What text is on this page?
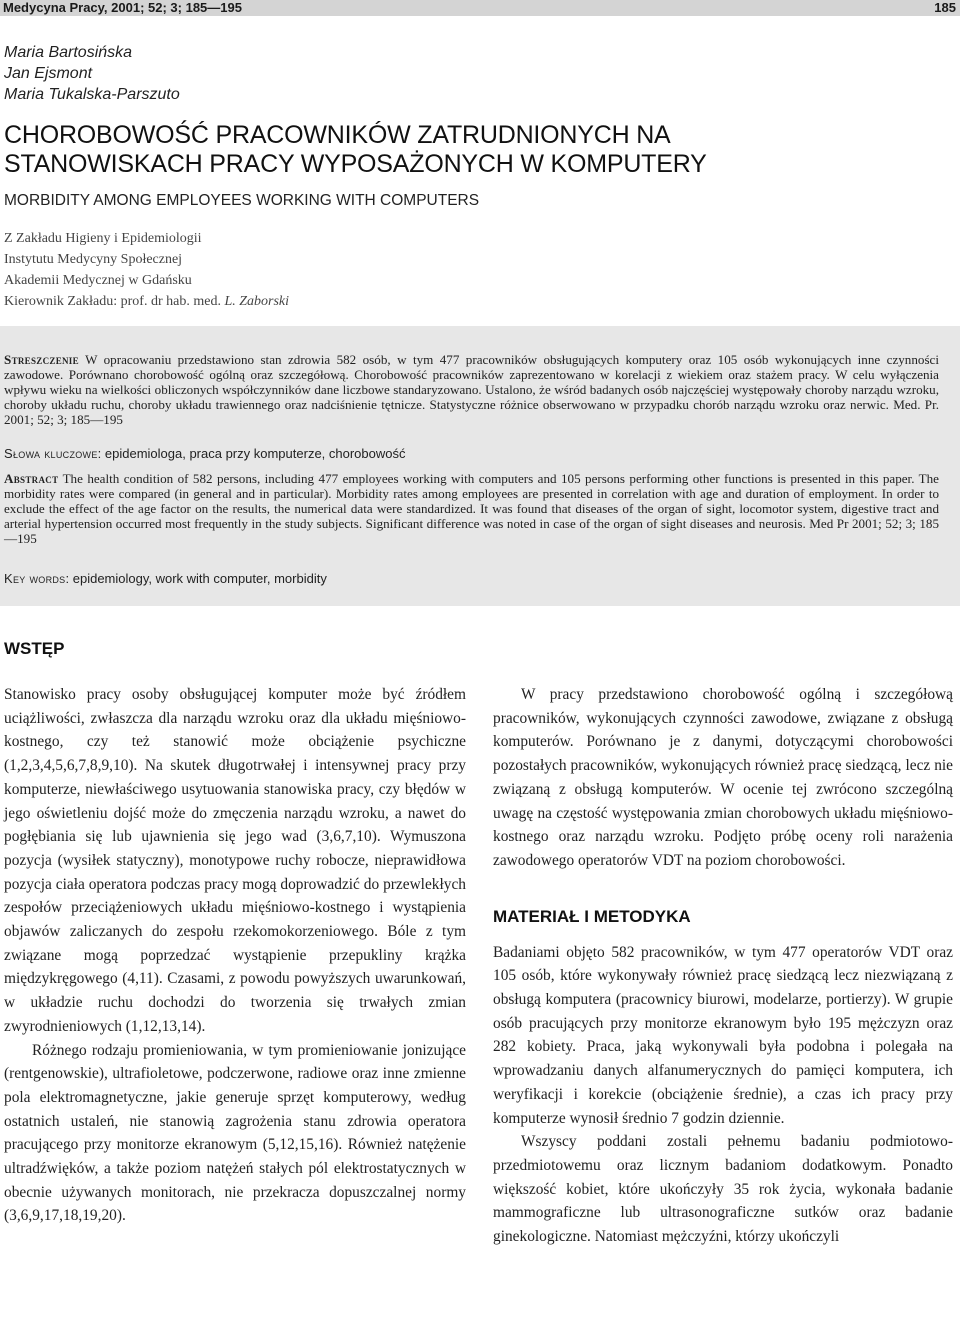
Medycyna Pracy, 2001; 52; 3; 185—195	185
Maria Bartosińska
Jan Ejsmont
Maria Tukalska-Parszuto
CHOROBOWOŚĆ PRACOWNIKÓW ZATRUDNIONYCH NA
STANOWISKACH PRACY WYPOSAŻONYCH W KOMPUTERY
MORBIDITY AMONG EMPLOYEES WORKING WITH COMPUTERS
Z Zakładu Higieny i Epidemiologii
Instytutu Medycyny Społecznej
Akademii Medycznej w Gdańsku
Kierownik Zakładu: prof. dr hab. med. L. Zaborski
Streszczenie W opracowaniu przedstawiono stan zdrowia 582 osób, w tym 477 pracowników obsługujących komputery oraz 105 osób wykonujących inne czynności zawodowe. Porównano chorobowość ogólną oraz szczegółową. Chorobowość pracowników zaprezentowano w korelacji z wiekiem oraz stażem pracy. W celu wyłączenia wpływu wieku na wielkości obliczonych współczynników dane liczbowe standaryzowano. Ustalono, że wśród badanych osób najczęściej występowały choroby narządu wzroku, choroby układu ruchu, choroby układu trawiennego oraz nadciśnienie tętnicze. Statystyczne różnice obserwowano w przypadku chorób narządu wzroku oraz nerwic. Med. Pr. 2001; 52; 3; 185—195
Słowa kluczowe: epidemiologa, praca przy komputerze, chorobowość
Abstract The health condition of 582 persons, including 477 employees working with computers and 105 persons performing other functions is presented in this paper. The morbidity rates were compared (in general and in particular). Morbidity rates among employees are presented in correlation with age and duration of employment. In order to exclude the effect of the age factor on the results, the numerical data were standardized. It was found that diseases of the organ of sight, locomotor system, digestive tract and arterial hypertension occurred most frequently in the study subjects. Significant difference was noted in case of the organ of sight diseases and neurosis. Med Pr 2001; 52; 3; 185—195
Key words: epidemiology, work with computer, morbidity
WSTĘP

Stanowisko pracy osoby obsługującej komputer może być źródłem uciążliwości, zwłaszcza dla narządu wzroku oraz dla układu mięśniowo-kostnego, czy też stanowić może obciążenie psychiczne (1,2,3,4,5,6,7,8,9,10). Na skutek długotrwałej i intensywnej pracy przy komputerze, niewłaściwego usytuowania stanowiska pracy, czy błędów w jego oświetleniu dojść może do zmęczenia narządu wzroku, a nawet do pogłębiania się lub ujawnienia się jego wad (3,6,7,10). Wymuszona pozycja (wysiłek statyczny), monotypowe ruchy robocze, nieprawidłowa pozycja ciała operatora podczas pracy mogą doprowadzić do przewlekłych zespołów przeciążeniowych układu mięśniowo-kostnego i wystąpienia objawów zaliczanych do zespołu rzekomokorzeniowego. Bóle z tym związane mogą poprzedzać wystąpienie przepukliny krążka międzykręgowego (4,11). Czasami, z powodu powyższych uwarunkowań, w układzie ruchu dochodzi do tworzenia się trwałych zmian zwyrodnieniowych (1,12,13,14).

Różnego rodzaju promieniowania, w tym promieniowanie jonizujące (rentgenowskie), ultrafioletowe, podczerwone, radiowe oraz inne zmienne pola elektromagnetyczne, jakie generuje sprzęt komputerowy, według ostatnich ustaleń, nie stanowią zagrożenia stanu zdrowia operatora pracującego przy monitorze ekranowym (5,12,15,16). Również natężenie ultradźwięków, a także poziom natężeń stałych pól elektrostatycznych w obecnie używanych monitorach, nie przekracza dopuszczalnej normy (3,6,9,17,18,19,20).

W pracy przedstawiono chorobowość ogólną i szczegółową pracowników, wykonujących czynności zawodowe, związane z obsługą komputerów. Porównano je z danymi, dotyczącymi chorobowości pozostałych pracowników, wykonujących również pracę siedzącą, lecz nie związaną z obsługą komputerów. W ocenie tej zwrócono szczególną uwagę na częstość występowania zmian chorobowych układu mięśniowo-kostnego oraz narządu wzroku. Podjęto próbę oceny roli narażenia zawodowego operatorów VDT na poziom chorobowości.

MATERIAŁ I METODYKA

Badaniami objęto 582 pracowników, w tym 477 operatorów VDT oraz 105 osób, które wykonywały również pracę siedzącą lecz niezwiązaną z obsługą komputera (pracownicy biurowi, modelarze, portierzy). W grupie osób pracujących przy monitorze ekranowym było 195 mężczyzn oraz 282 kobiety. Praca, jaką wykonywali była podobna i polegała na wprowadzaniu danych alfanumerycznych do pamięci komputera, ich weryfikacji i korekcie (obciążenie średnie), a czas ich pracy przy komputerze wynosił średnio 7 godzin dziennie.

Wszyscy poddani zostali pełnemu badaniu podmiotowo-przedmiotowemu oraz licznym badaniom dodatkowym. Ponadto większość kobiet, które ukończyły 35 rok życia, wykonała badanie mammograficzne lub ultrasonograficzne sutków oraz badanie ginekologiczne. Natomiast mężczyźni, którzy ukończyli
